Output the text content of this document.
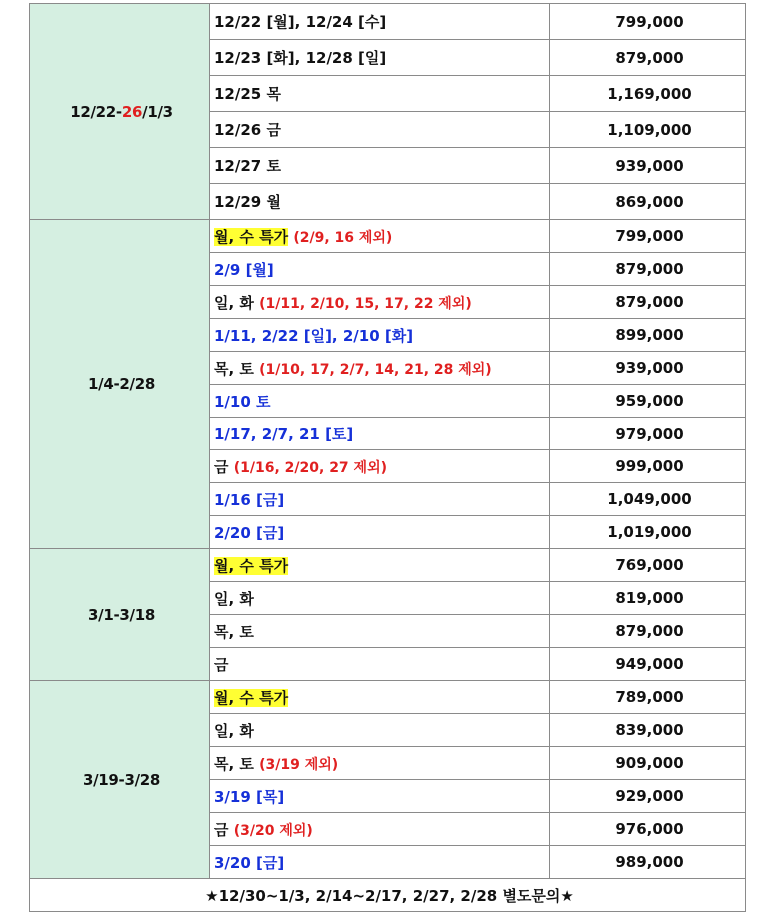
12/22-26/1/3	12/22 [월], 12/24 [수]	799,000
	12/23 [화], 12/28 [일]	879,000
	12/25 목	1,169,000
	12/26 금	1,109,000
	12/27 토	939,000
	12/29 월	869,000
1/4-2/28	월, 수 특가 (2/9, 16 제외)	799,000
	2/9 [월]	879,000
	일, 화 (1/11, 2/10, 15, 17, 22 제외)	879,000
	1/11, 2/22 [일], 2/10 [화]	899,000
	목, 토 (1/10, 17, 2/7, 14, 21, 28 제외)	939,000
	1/10 토	959,000
	1/17, 2/7, 21 [토]	979,000
	금 (1/16, 2/20, 27 제외)	999,000
	1/16 [금]	1,049,000
	2/20 [금]	1,019,000
3/1-3/18	월, 수 특가	769,000
	일, 화	819,000
	목, 토	879,000
	금	949,000
3/19-3/28	월, 수 특가	789,000
	일, 화	839,000
	목, 토 (3/19 제외)	909,000
	3/19 [목]	929,000
	금 (3/20 제외)	976,000
	3/20 [금]	989,000
★12/30~1/3, 2/14~2/17, 2/27, 2/28 별도문의★		
